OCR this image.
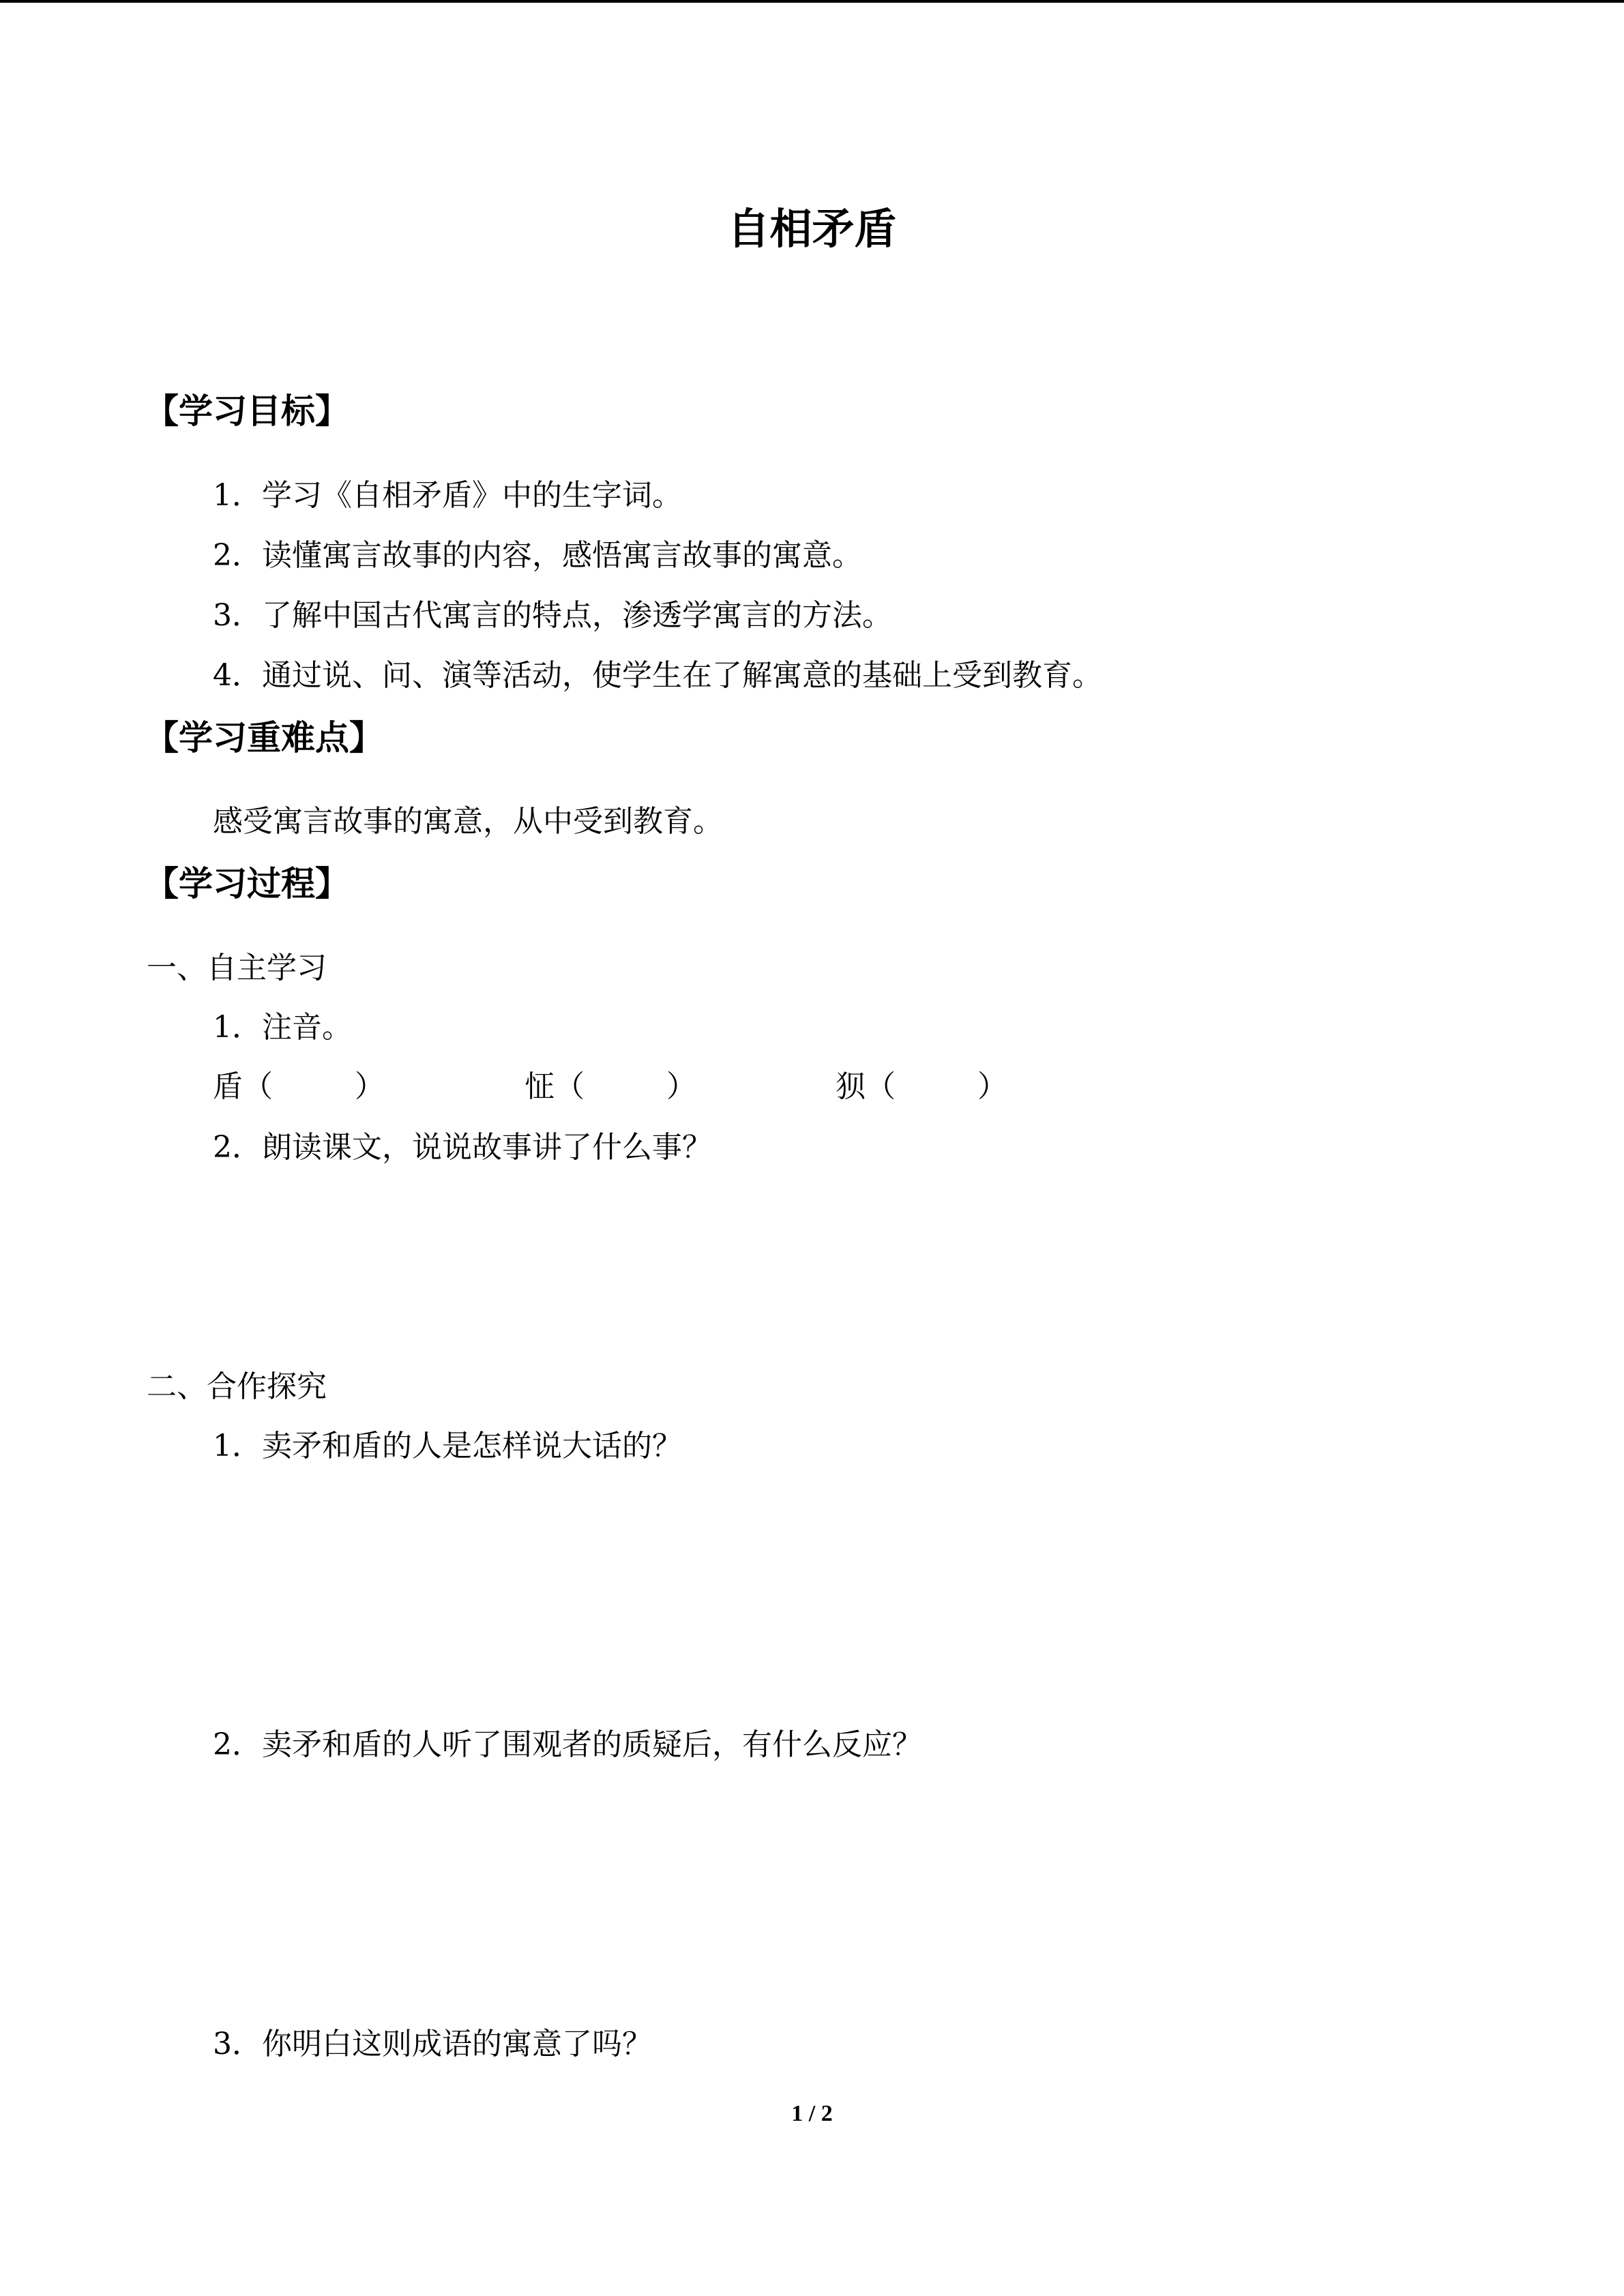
自相矛盾
【学习目标】
1．学习《自相矛盾》中的生字词。
2．读懂寓言故事的内容，感悟寓言故事的寓意。
3．了解中国古代寓言的特点，渗透学寓言的方法。
4．通过说、问、演等活动，使学生在了解寓意的基础上受到教育。
【学习重难点】
感受寓言故事的寓意，从中受到教育。
【学习过程】
一、自主学习
1．注音。
盾（	）	怔（	）	狈（	）
2．朗读课文，说说故事讲了什么事？
二、合作探究
1．卖矛和盾的人是怎样说大话的？
2．卖矛和盾的人听了围观者的质疑后，有什么反应？
3．你明白这则成语的寓意了吗？
1 / 2
